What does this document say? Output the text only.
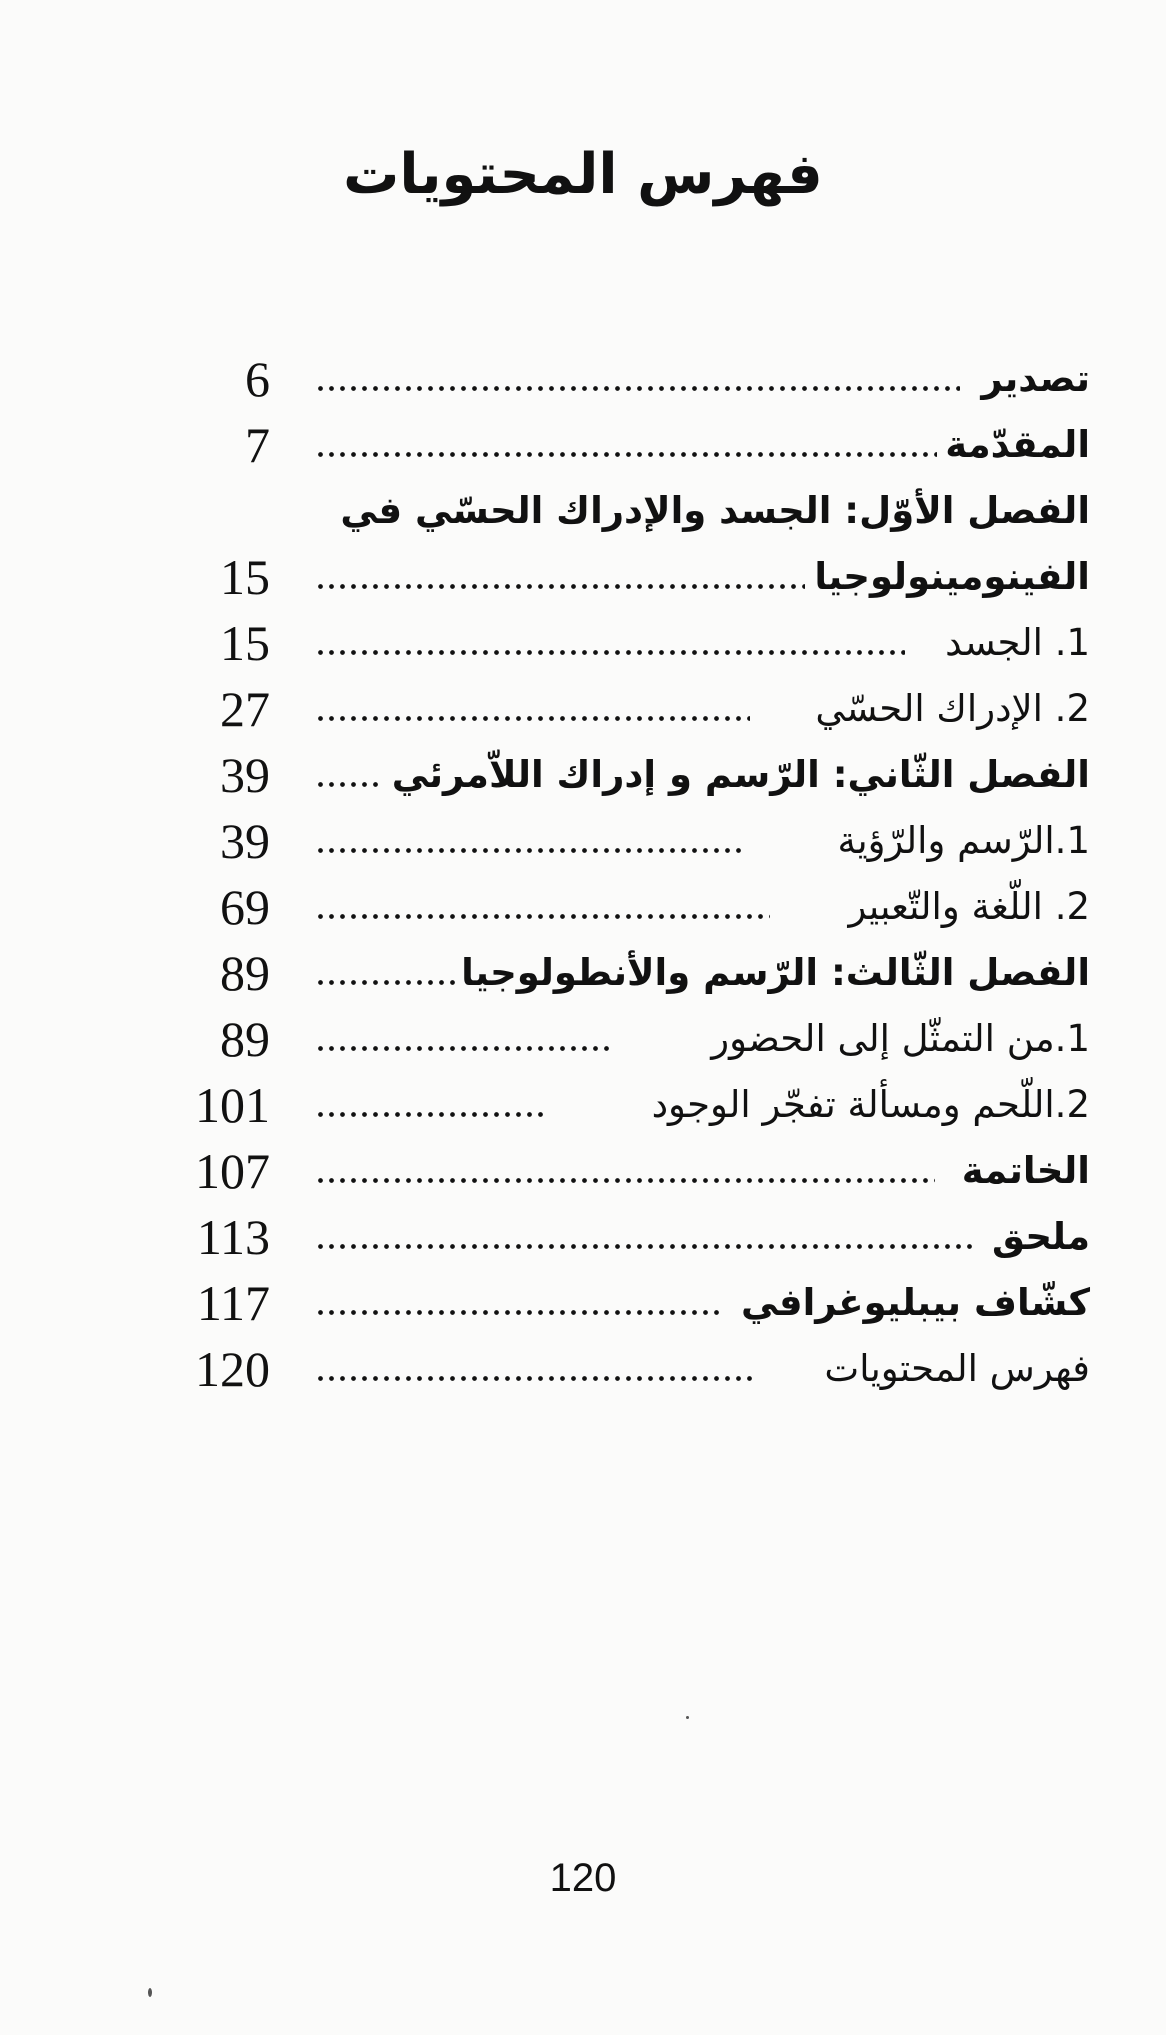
فهرس المحتويات
تصدير
6
المقدّمة
7
الفصل الأوّل: الجسد والإدراك الحسّي في
الفينومينولوجيا
15
1. الجسد
15
2. الإدراك الحسّي
27
الفصل الثّاني: الرّسم و إدراك اللاّمرئي
39
1.الرّسم والرّؤية
39
2. اللّغة والتّعبير
69
الفصل الثّالث: الرّسم والأنطولوجيا
89
1.من التمثّل إلى الحضور
89
2.اللّحم ومسألة تفجّر الوجود
101
الخاتمة
107
ملحق
113
كشّاف بيبليوغرافي
117
فهرس المحتويات
120
120
